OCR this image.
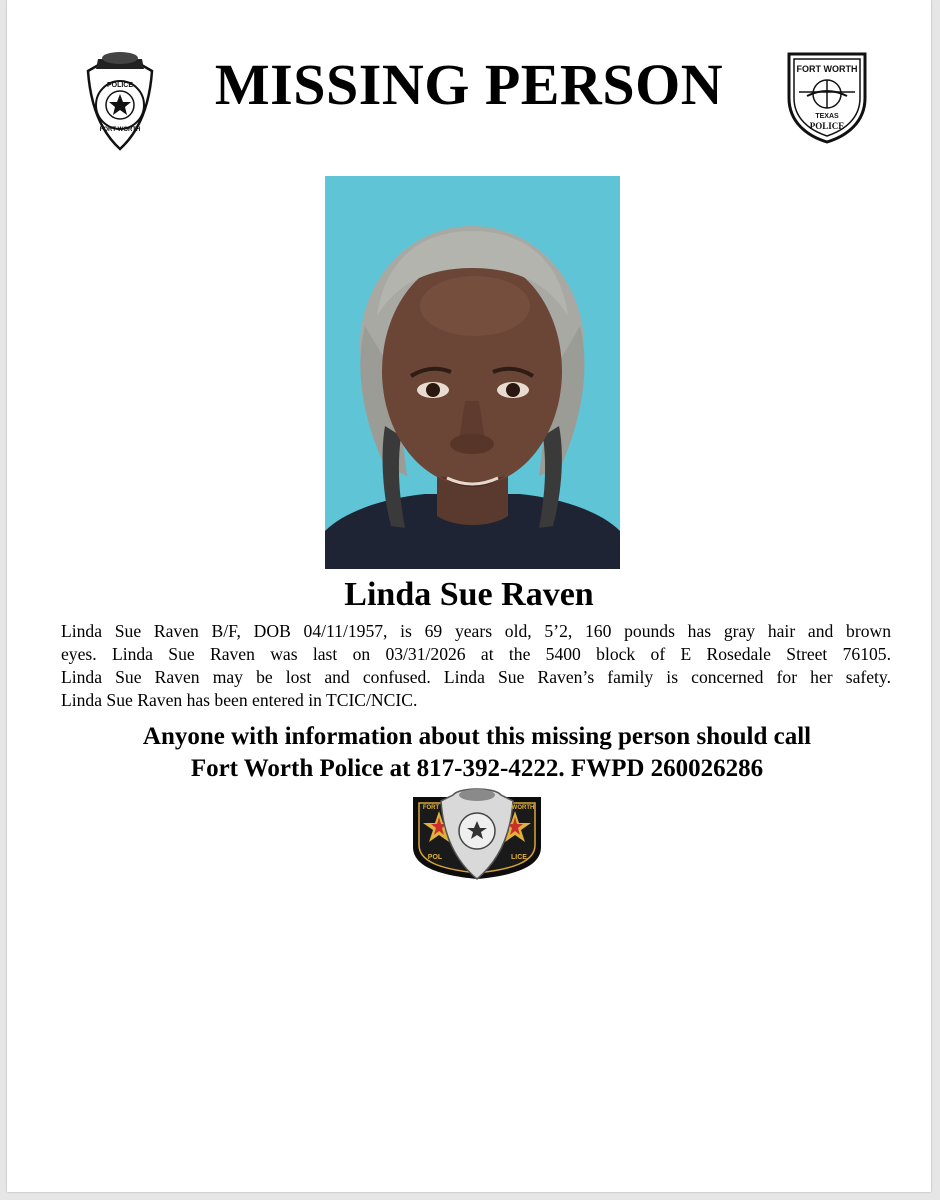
POLICE
FORT WORTH
MISSING PERSON	FORT WORTH
TEXAS
POLICE
Linda Sue Raven

Linda Sue Raven B/F, DOB 04/11/1957, is 69 years old, 5’2, 160 pounds has gray hair and brown

eyes. Linda Sue Raven was last on 03/31/2026 at the 5400 block of E Rosedale Street 76105.

Linda Sue Raven may be lost and confused. Linda Sue Raven’s family is concerned for her safety.

Linda Sue Raven has been entered in TCIC/NCIC.

Anyone with information about this missing person should call
Fort Worth Police at 817-392-4222. FWPD 260026286
FORT	WORTH
POL	LICE
